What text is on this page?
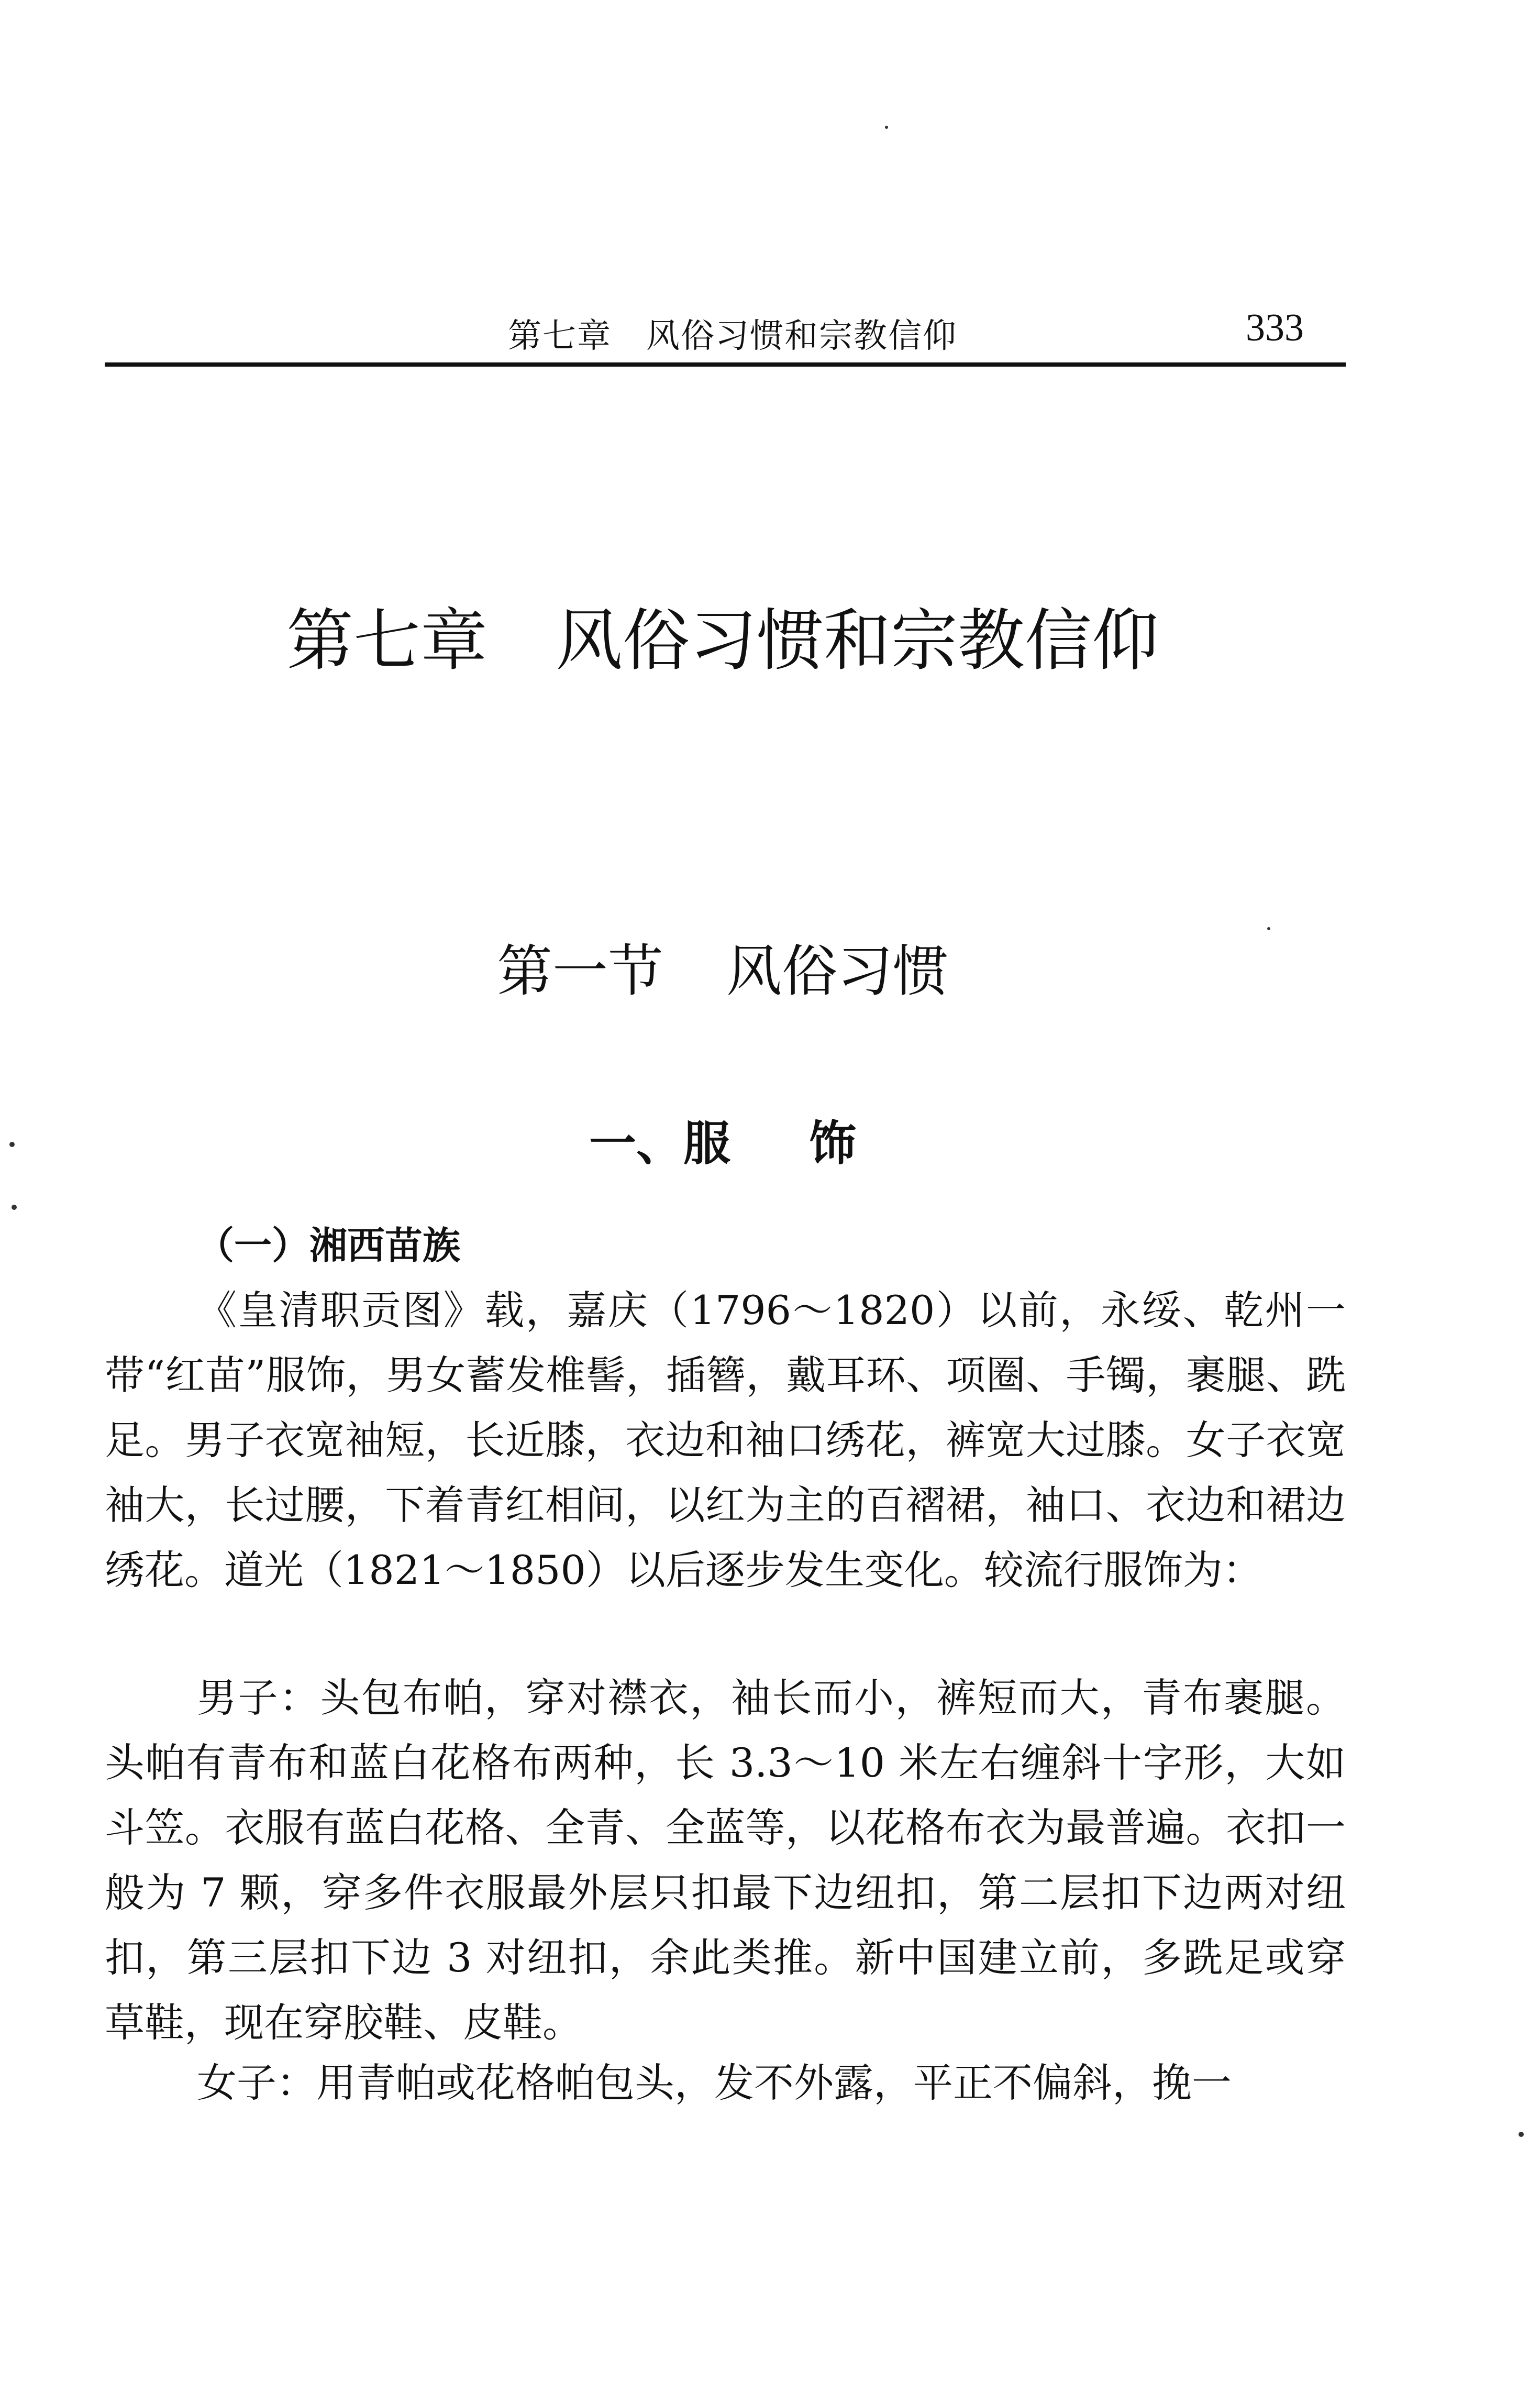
第七章　风俗习惯和宗教信仰	333
第七章 风俗习惯和宗教信仰
第一节 风俗习惯
一、服 饰
（一）湘西苗族

《皇清职贡图》载，嘉庆（1796～1820）以前，永绥、乾州一带“红苗”服饰，男女蓄发椎髻，插簪，戴耳环、项圈、手镯，裹腿、跣足。男子衣宽袖短，长近膝，衣边和袖口绣花，裤宽大过膝。女子衣宽袖大，长过腰，下着青红相间，以红为主的百褶裙，袖口、衣边和裙边绣花。道光（1821～1850）以后逐步发生变化。较流行服饰为：

男子：头包布帕，穿对襟衣，袖长而小，裤短而大，青布裹腿。头帕有青布和蓝白花格布两种，长 3.3～10 米左右缠斜十字形，大如斗笠。衣服有蓝白花格、全青、全蓝等，以花格布衣为最普遍。衣扣一般为 7 颗，穿多件衣服最外层只扣最下边纽扣，第二层扣下边两对纽扣，第三层扣下边 3 对纽扣，余此类推。新中国建立前，多跣足或穿草鞋，现在穿胶鞋、皮鞋。

女子：用青帕或花格帕包头，发不外露，平正不偏斜，挽一
